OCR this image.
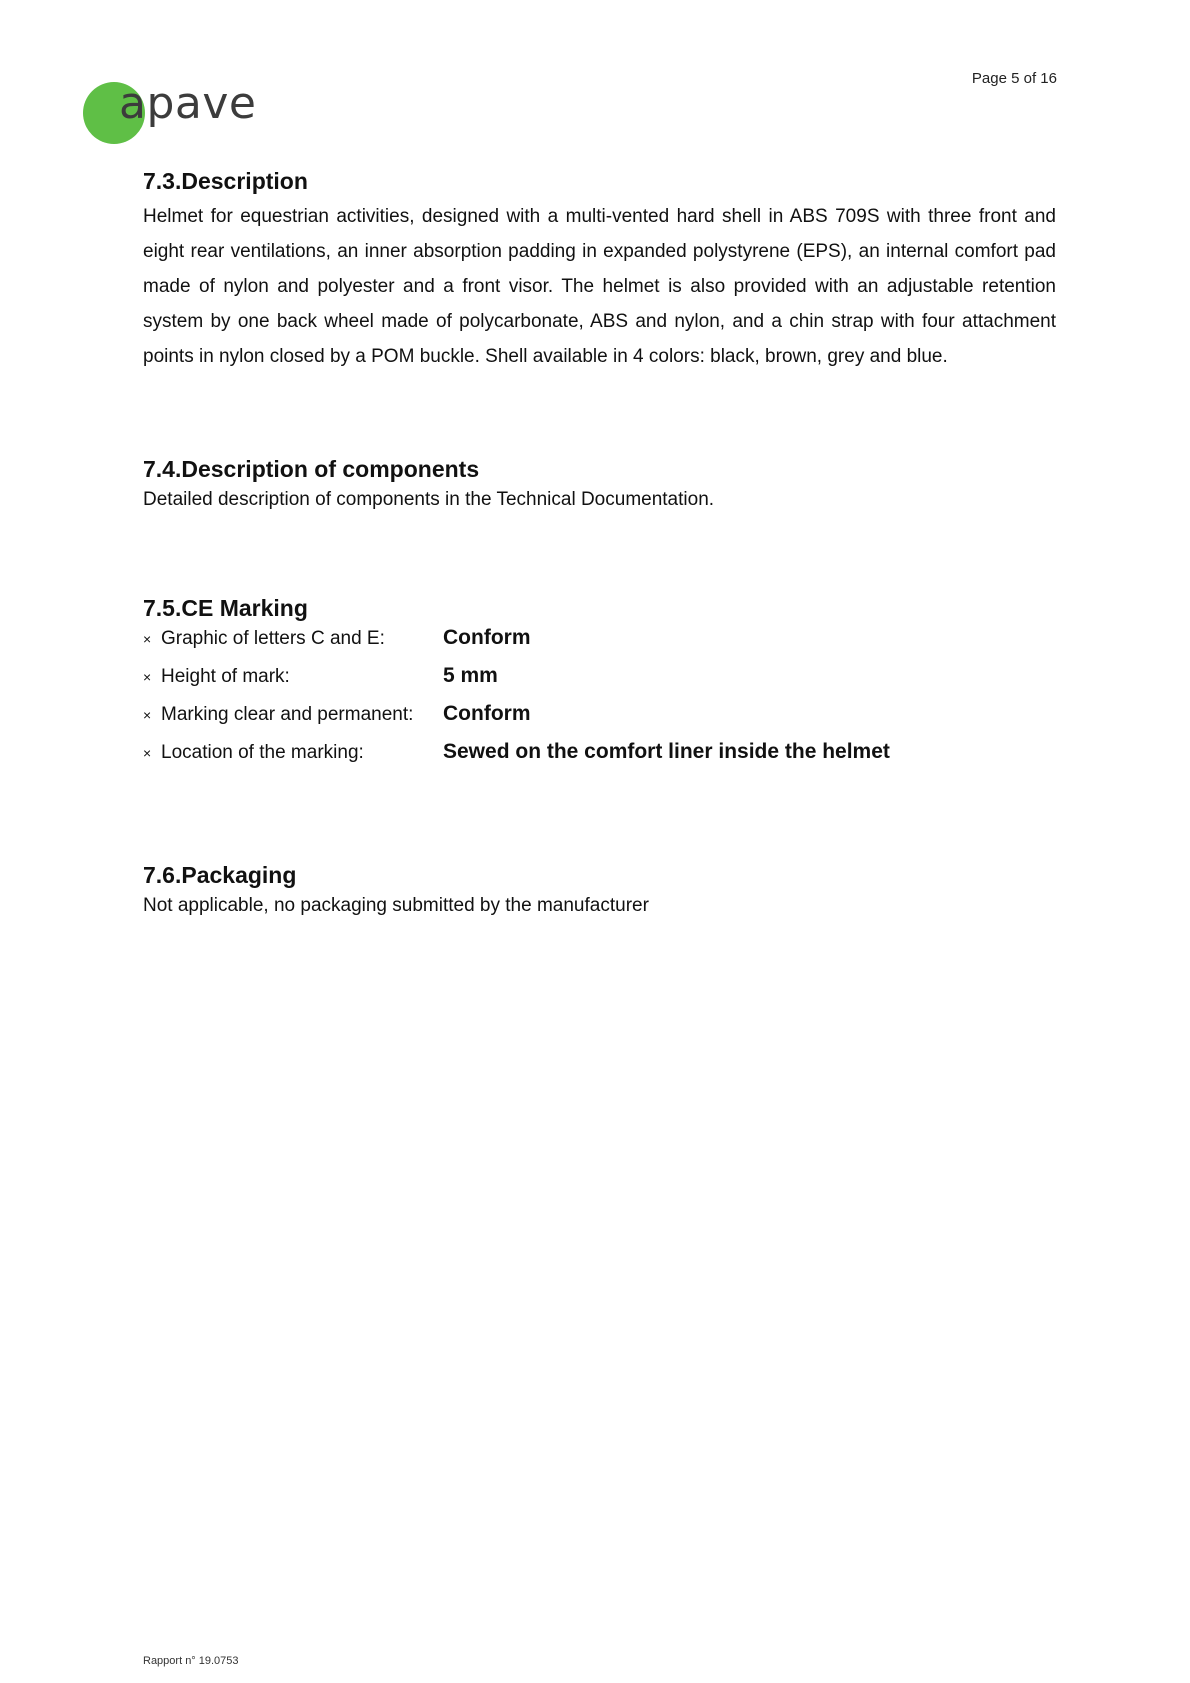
Page 5 of 16
apave
7.3.Description

Helmet for equestrian activities, designed with a multi-vented hard shell in ABS 709S with three front and eight rear ventilations, an inner absorption padding in expanded polystyrene (EPS), an internal comfort pad made of nylon and polyester and a front visor. The helmet is also provided with an adjustable retention system by one back wheel made of polycarbonate, ABS and nylon, and a chin strap with four attachment points in nylon closed by a POM buckle. Shell available in 4 colors: black, brown, grey and blue.

7.4.Description of components

Detailed description of components in the Technical Documentation.

7.5.CE Marking
× Graphic of letters C and E:	Conform
× Height of mark:	5 mm
× Marking clear and permanent:	Conform
× Location of the marking:	Sewed on the comfort liner inside the helmet
7.6.Packaging

Not applicable, no packaging submitted by the manufacturer

Rapport n° 19.0753
